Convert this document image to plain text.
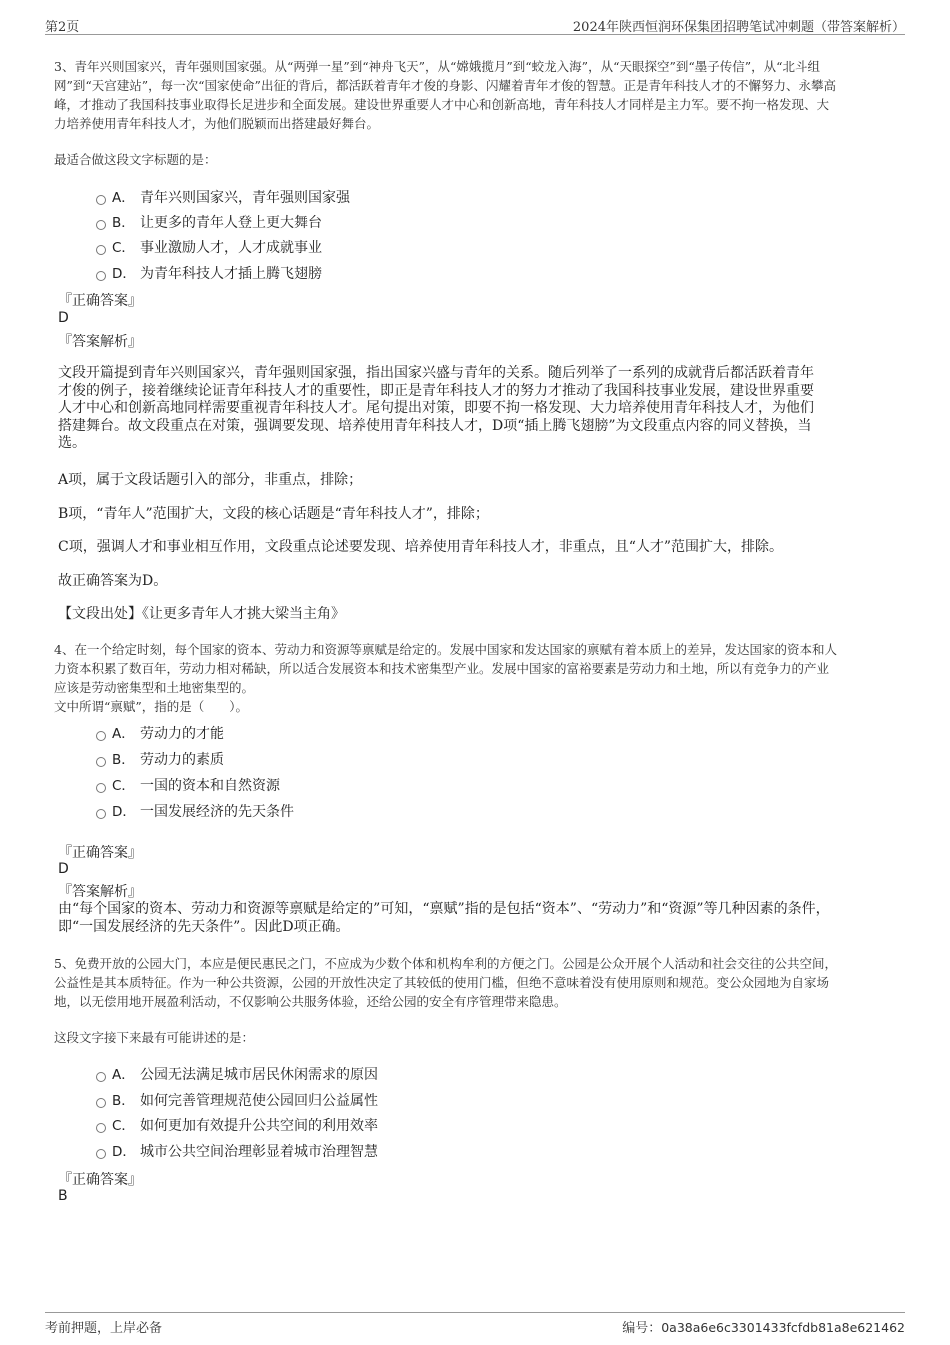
第2页	2024年陕西恒润环保集团招聘笔试冲刺题（带答案解析）

3、青年兴则国家兴，青年强则国家强。从“两弹一星”到“神舟飞天”，从“嫦娥揽月”到“蛟龙入海”，从“天眼探空”到“墨子传信”，从“北斗组

网”到“天宫建站”，每一次“国家使命”出征的背后，都活跃着青年才俊的身影、闪耀着青年才俊的智慧。正是青年科技人才的不懈努力、永攀高

峰，才推动了我国科技事业取得长足进步和全面发展。建设世界重要人才中心和创新高地，青年科技人才同样是主力军。要不拘一格发现、大

力培养使用青年科技人才，为他们脱颖而出搭建最好舞台。

最适合做这段文字标题的是：
A． 青年兴则国家兴，青年强则国家强
B． 让更多的青年人登上更大舞台
C． 事业激励人才，人才成就事业
D． 为青年科技人才插上腾飞翅膀
『正确答案』
D
『答案解析』

文段开篇提到青年兴则国家兴，青年强则国家强，指出国家兴盛与青年的关系。随后列举了一系列的成就背后都活跃着青年

才俊的例子，接着继续论证青年科技人才的重要性，即正是青年科技人才的努力才推动了我国科技事业发展，建设世界重要

人才中心和创新高地同样需要重视青年科技人才。尾句提出对策，即要不拘一格发现、大力培养使用青年科技人才，为他们

搭建舞台。故文段重点在对策，强调要发现、培养使用青年科技人才，D项“插上腾飞翅膀”为文段重点内容的同义替换，当

选。

A项，属于文段话题引入的部分，非重点，排除；
B项，“青年人”范围扩大，文段的核心话题是“青年科技人才”，排除；
C项，强调人才和事业相互作用，文段重点论述要发现、培养使用青年科技人才，非重点，且“人才”范围扩大，排除。
故正确答案为D。
【文段出处】《让更多青年人才挑大梁当主角》

4、在一个给定时刻，每个国家的资本、劳动力和资源等禀赋是给定的。发展中国家和发达国家的禀赋有着本质上的差异，发达国家的资本和人

力资本积累了数百年，劳动力相对稀缺，所以适合发展资本和技术密集型产业。发展中国家的富裕要素是劳动力和土地，所以有竞争力的产业

应该是劳动密集型和土地密集型的。

文中所谓“禀赋”，指的是（　　）。

A． 劳动力的才能
B． 劳动力的素质
C． 一国的资本和自然资源
D． 一国发展经济的先天条件
『正确答案』
D
『答案解析』

由“每个国家的资本、劳动力和资源等禀赋是给定的”可知，“禀赋”指的是包括“资本”、“劳动力”和“资源”等几种因素的条件，

即“一国发展经济的先天条件”。因此D项正确。

5、免费开放的公园大门，本应是便民惠民之门，不应成为少数个体和机构牟利的方便之门。公园是公众开展个人活动和社会交往的公共空间，

公益性是其本质特征。作为一种公共资源，公园的开放性决定了其较低的使用门槛，但绝不意味着没有使用原则和规范。变公众园地为自家场

地，以无偿用地开展盈利活动，不仅影响公共服务体验，还给公园的安全有序管理带来隐患。

这段文字接下来最有可能讲述的是：
A． 公园无法满足城市居民休闲需求的原因
B． 如何完善管理规范使公园回归公益属性
C． 如何更加有效提升公共空间的利用效率
D． 城市公共空间治理彰显着城市治理智慧
『正确答案』
B
考前押题，上岸必备	编号：0a38a6e6c3301433fcfdb81a8e621462
